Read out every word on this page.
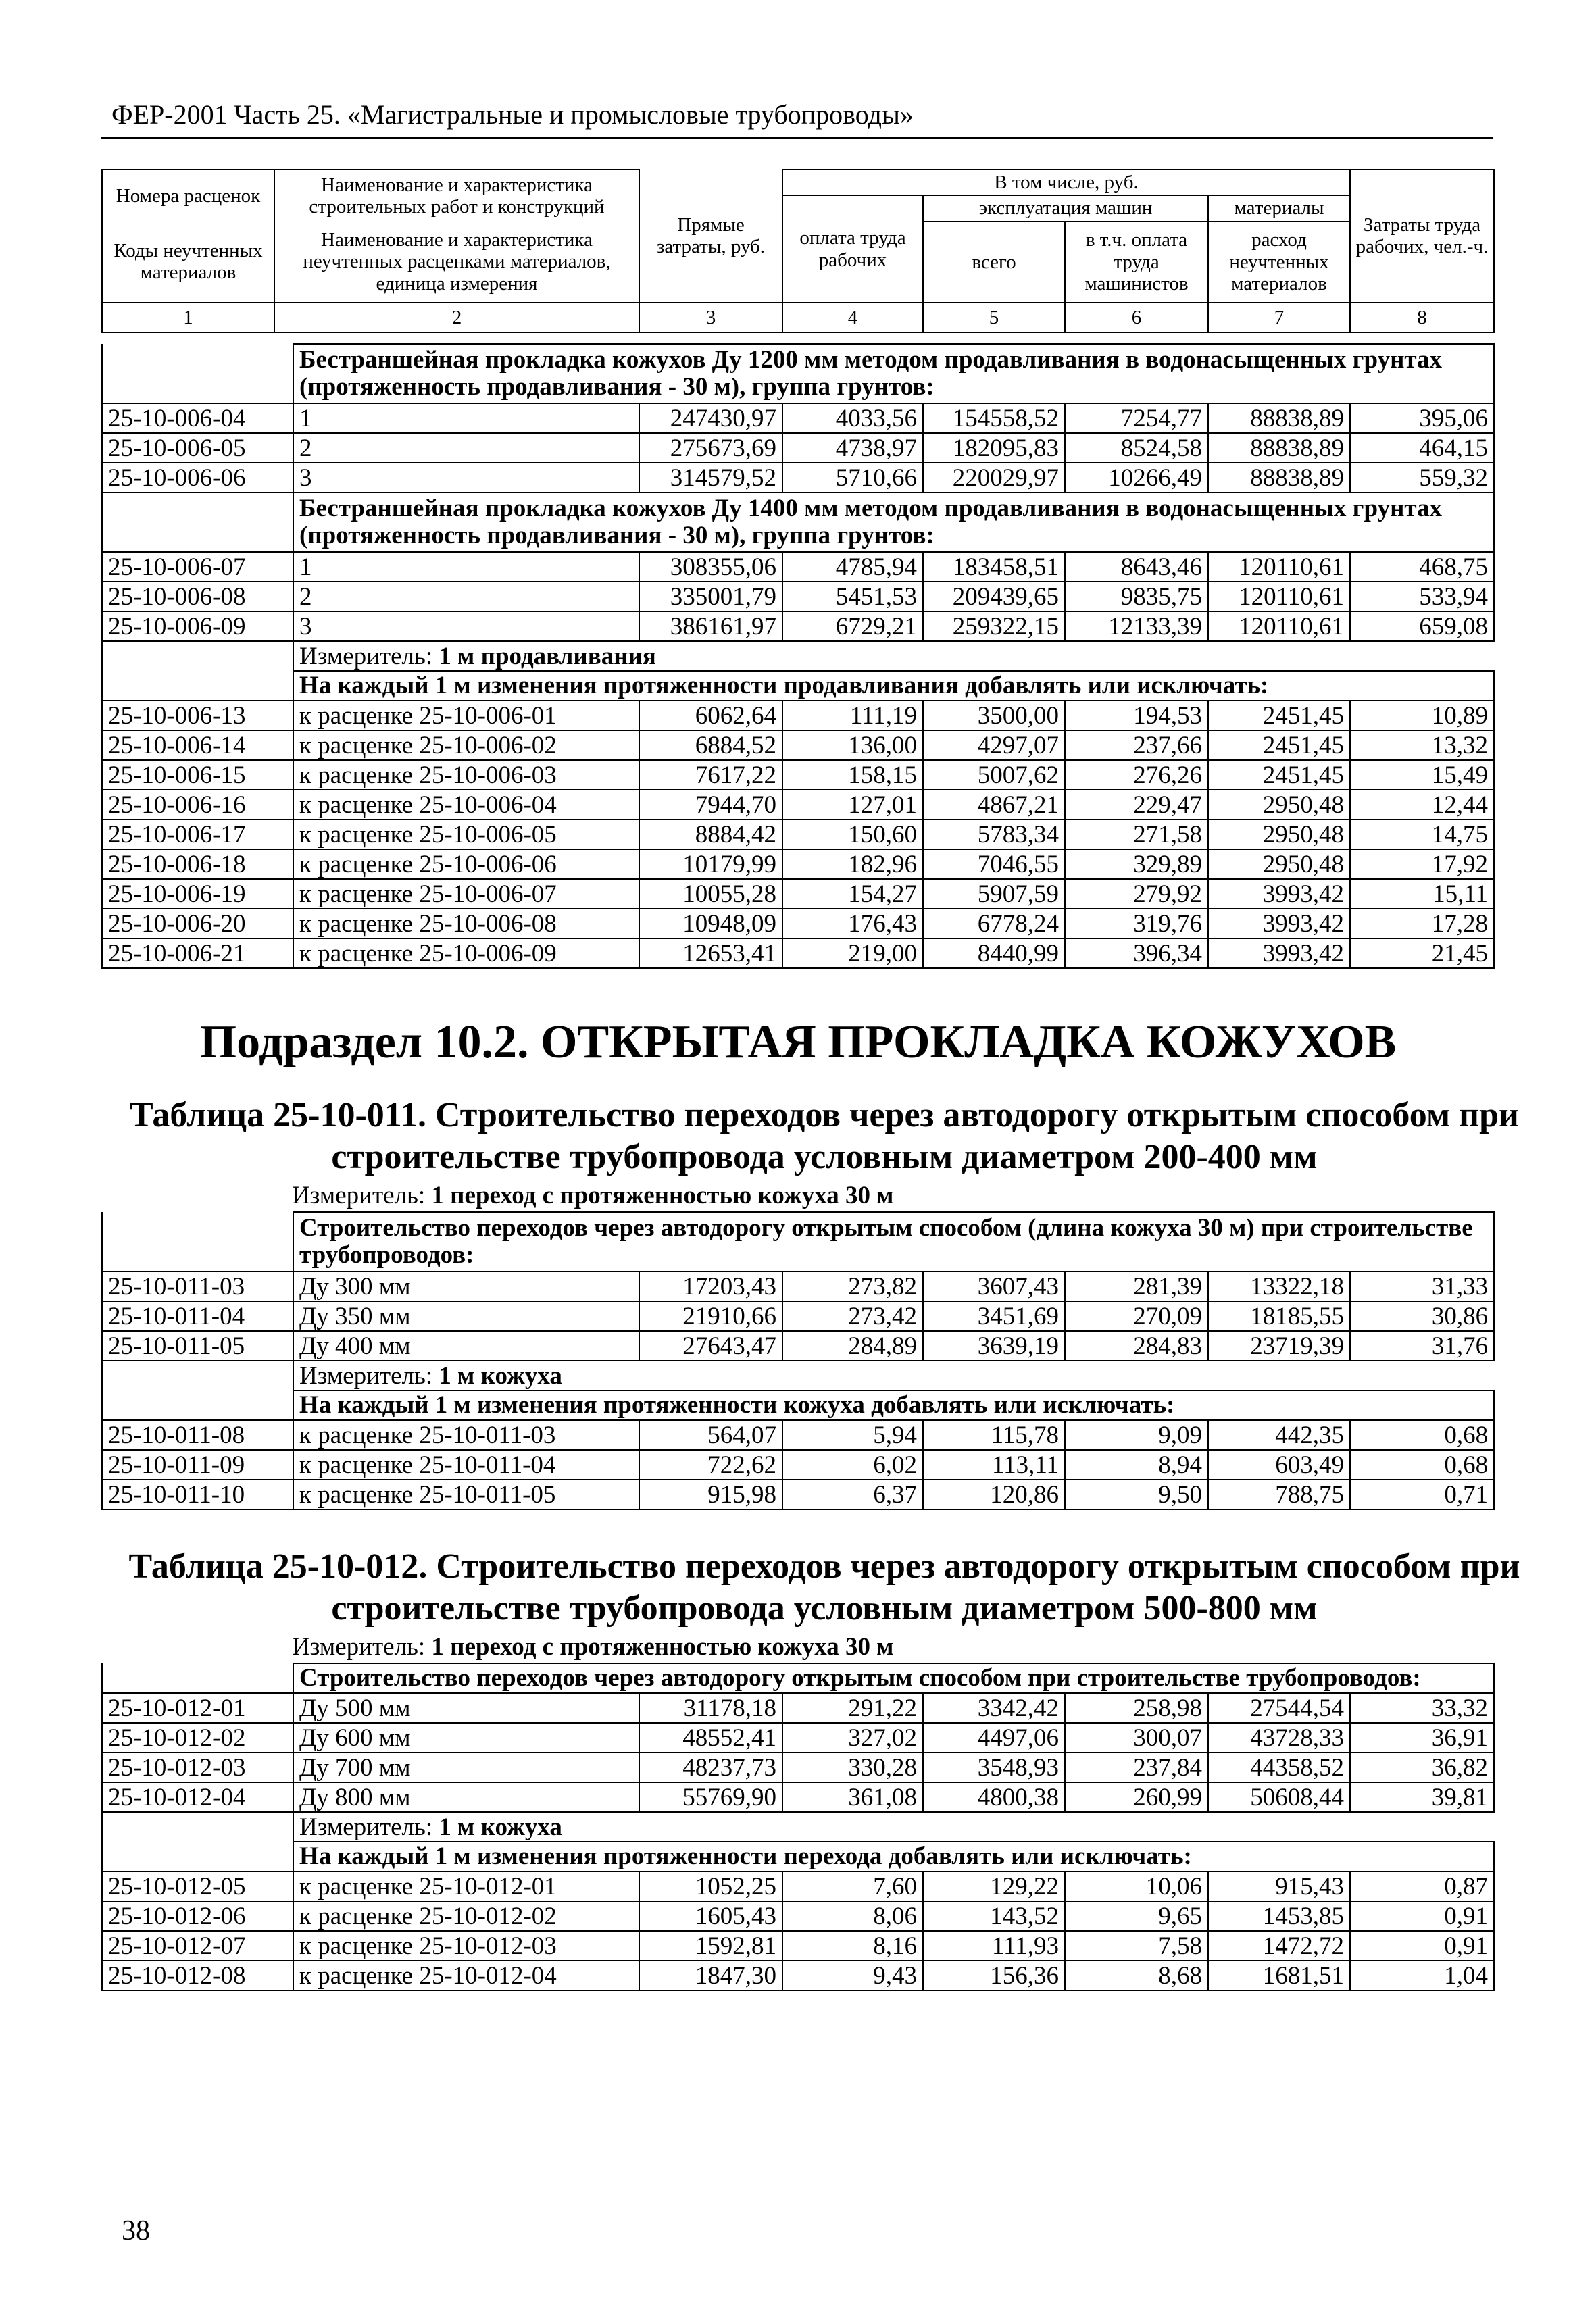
ФЕР-2001 Часть 25. «Магистральные и промысловые трубопроводы»
Номера расценок	Наименование и характеристика строительных работ и конструкций	Прямые затраты, руб.	В том числе, руб.				Затраты труда рабочих, чел.-ч.
			оплата труда рабочих	эксплуатация машин		материалы	
Коды неучтенных материалов	Наименование и характеристика неучтенных расценками материалов, единица измерения			всего	в т.ч. оплата труда машинистов	расход неучтенных материалов	

1	2	3	4	5	6	7	8
	Бестраншейная прокладка кожухов Ду 1200 мм методом продавливания в водонасыщенных грунтах (протяженность продавливания - 30 м), группа грунтов:						
25-10-006-04	1	247430,97	4033,56	154558,52	7254,77	88838,89	395,06
25-10-006-05	2	275673,69	4738,97	182095,83	8524,58	88838,89	464,15
25-10-006-06	3	314579,52	5710,66	220029,97	10266,49	88838,89	559,32
	Бестраншейная прокладка кожухов Ду 1400 мм методом продавливания в водонасыщенных грунтах (протяженность продавливания - 30 м), группа грунтов:						
25-10-006-07	1	308355,06	4785,94	183458,51	8643,46	120110,61	468,75
25-10-006-08	2	335001,79	5451,53	209439,65	9835,75	120110,61	533,94
25-10-006-09	3	386161,97	6729,21	259322,15	12133,39	120110,61	659,08
	Измеритель: 1 м продавливания						
	На каждый 1 м изменения протяженности продавливания добавлять или исключать:						
25-10-006-13	к расценке 25-10-006-01	6062,64	111,19	3500,00	194,53	2451,45	10,89
25-10-006-14	к расценке 25-10-006-02	6884,52	136,00	4297,07	237,66	2451,45	13,32
25-10-006-15	к расценке 25-10-006-03	7617,22	158,15	5007,62	276,26	2451,45	15,49
25-10-006-16	к расценке 25-10-006-04	7944,70	127,01	4867,21	229,47	2950,48	12,44
25-10-006-17	к расценке 25-10-006-05	8884,42	150,60	5783,34	271,58	2950,48	14,75
25-10-006-18	к расценке 25-10-006-06	10179,99	182,96	7046,55	329,89	2950,48	17,92
25-10-006-19	к расценке 25-10-006-07	10055,28	154,27	5907,59	279,92	3993,42	15,11
25-10-006-20	к расценке 25-10-006-08	10948,09	176,43	6778,24	319,76	3993,42	17,28
25-10-006-21	к расценке 25-10-006-09	12653,41	219,00	8440,99	396,34	3993,42	21,45
Подраздел 10.2. ОТКРЫТАЯ ПРОКЛАДКА КОЖУХОВ
Таблица 25-10-011. Строительство переходов через автодорогу открытым способом при
строительстве трубопровода условным диаметром 200-400 мм
Измеритель: 1 переход с протяженностью кожуха 30 м
	Строительство переходов через автодорогу открытым способом (длина кожуха 30 м) при строительстве трубопроводов:						
25-10-011-03	Ду 300 мм	17203,43	273,82	3607,43	281,39	13322,18	31,33
25-10-011-04	Ду 350 мм	21910,66	273,42	3451,69	270,09	18185,55	30,86
25-10-011-05	Ду 400 мм	27643,47	284,89	3639,19	284,83	23719,39	31,76
	Измеритель: 1 м кожуха						
	На каждый 1 м изменения протяженности кожуха добавлять или исключать:						
25-10-011-08	к расценке 25-10-011-03	564,07	5,94	115,78	9,09	442,35	0,68
25-10-011-09	к расценке 25-10-011-04	722,62	6,02	113,11	8,94	603,49	0,68
25-10-011-10	к расценке 25-10-011-05	915,98	6,37	120,86	9,50	788,75	0,71
Таблица 25-10-012. Строительство переходов через автодорогу открытым способом при
строительстве трубопровода условным диаметром 500-800 мм
Измеритель: 1 переход с протяженностью кожуха 30 м
	Строительство переходов через автодорогу открытым способом при строительстве трубопроводов:						
25-10-012-01	Ду 500 мм	31178,18	291,22	3342,42	258,98	27544,54	33,32
25-10-012-02	Ду 600 мм	48552,41	327,02	4497,06	300,07	43728,33	36,91
25-10-012-03	Ду 700 мм	48237,73	330,28	3548,93	237,84	44358,52	36,82
25-10-012-04	Ду 800 мм	55769,90	361,08	4800,38	260,99	50608,44	39,81
	Измеритель: 1 м кожуха						
	На каждый 1 м изменения протяженности перехода добавлять или исключать:						
25-10-012-05	к расценке 25-10-012-01	1052,25	7,60	129,22	10,06	915,43	0,87
25-10-012-06	к расценке 25-10-012-02	1605,43	8,06	143,52	9,65	1453,85	0,91
25-10-012-07	к расценке 25-10-012-03	1592,81	8,16	111,93	7,58	1472,72	0,91
25-10-012-08	к расценке 25-10-012-04	1847,30	9,43	156,36	8,68	1681,51	1,04
38
